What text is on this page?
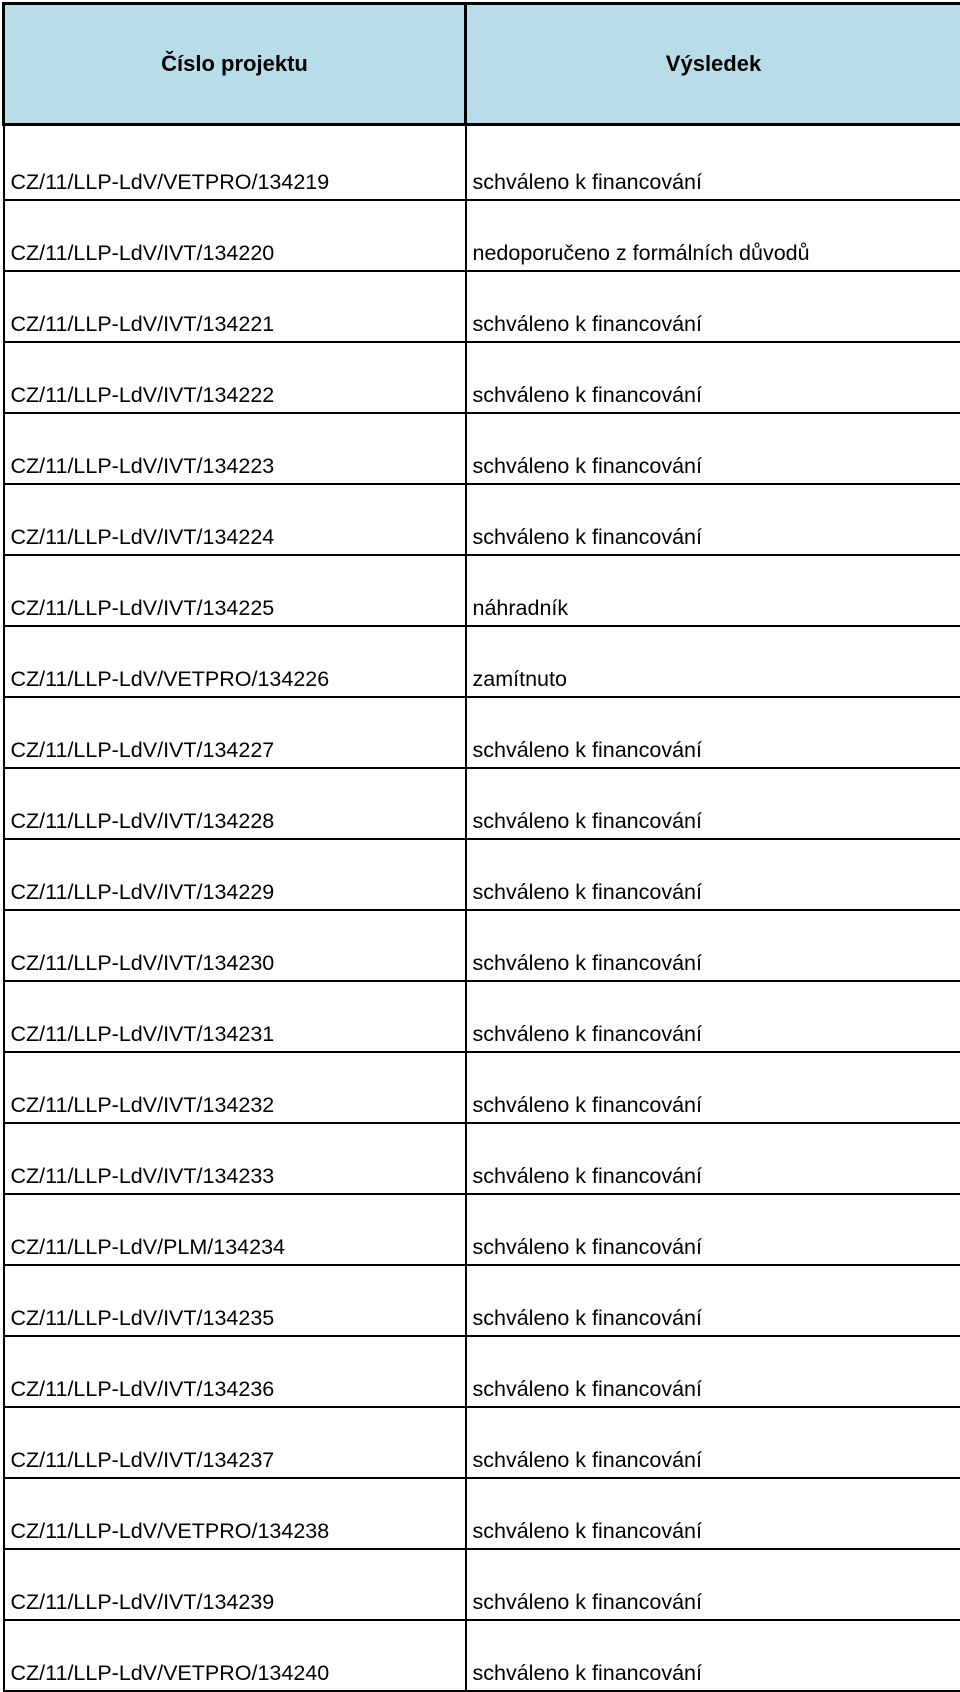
Číslo projektu	Výsledek
CZ/11/LLP-LdV/VETPRO/134219	schváleno k financování
CZ/11/LLP-LdV/IVT/134220	nedoporučeno z formálních důvodů
CZ/11/LLP-LdV/IVT/134221	schváleno k financování
CZ/11/LLP-LdV/IVT/134222	schváleno k financování
CZ/11/LLP-LdV/IVT/134223	schváleno k financování
CZ/11/LLP-LdV/IVT/134224	schváleno k financování
CZ/11/LLP-LdV/IVT/134225	náhradník
CZ/11/LLP-LdV/VETPRO/134226	zamítnuto
CZ/11/LLP-LdV/IVT/134227	schváleno k financování
CZ/11/LLP-LdV/IVT/134228	schváleno k financování
CZ/11/LLP-LdV/IVT/134229	schváleno k financování
CZ/11/LLP-LdV/IVT/134230	schváleno k financování
CZ/11/LLP-LdV/IVT/134231	schváleno k financování
CZ/11/LLP-LdV/IVT/134232	schváleno k financování
CZ/11/LLP-LdV/IVT/134233	schváleno k financování
CZ/11/LLP-LdV/PLM/134234	schváleno k financování
CZ/11/LLP-LdV/IVT/134235	schváleno k financování
CZ/11/LLP-LdV/IVT/134236	schváleno k financování
CZ/11/LLP-LdV/IVT/134237	schváleno k financování
CZ/11/LLP-LdV/VETPRO/134238	schváleno k financování
CZ/11/LLP-LdV/IVT/134239	schváleno k financování
CZ/11/LLP-LdV/VETPRO/134240	schváleno k financování
